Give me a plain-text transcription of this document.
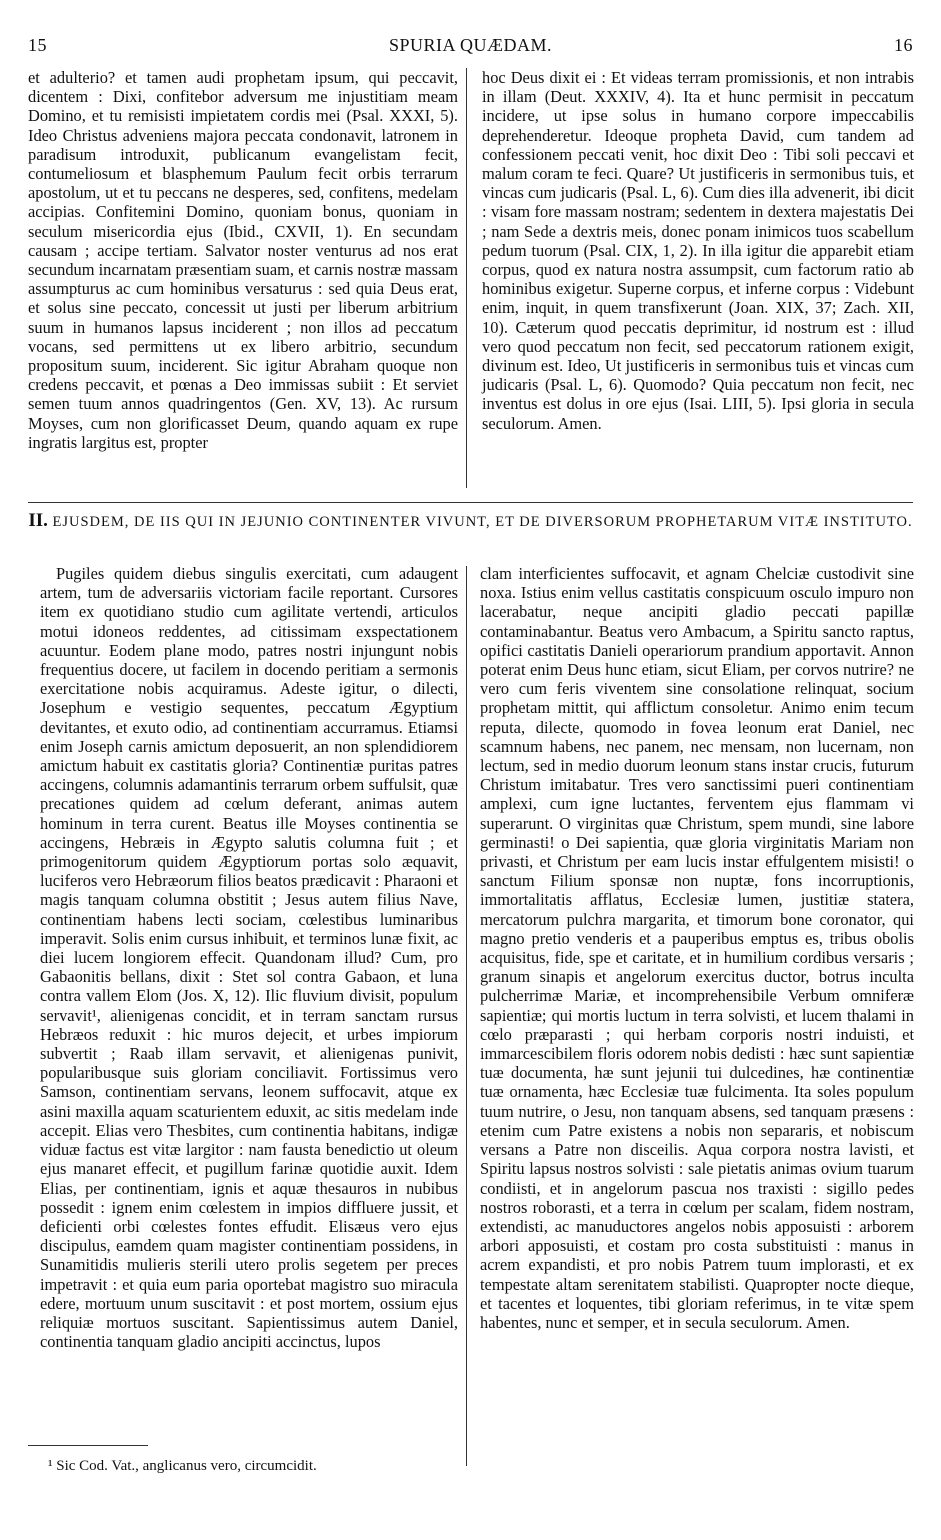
15	SPURIA QUÆDAM.	16

et adulterio? et tamen audi prophetam ipsum, qui peccavit, dicentem : Dixi, confitebor adversum me injustitiam meam Domino, et tu remisisti impietatem cordis mei (Psal. XXXI, 5). Ideo Christus adveniens majora peccata condonavit, latronem in paradisum introduxit, publicanum evangelistam fecit, contumeliosum et blasphemum Paulum fecit orbis terrarum apostolum, ut et tu peccans ne desperes, sed, confitens, medelam accipias. Confitemini Domino, quoniam bonus, quoniam in seculum misericordia ejus (Ibid., CXVII, 1). En secundam causam ; accipe tertiam. Salvator noster venturus ad nos erat secundum incarnatam præsentiam suam, et carnis nostræ massam assumpturus ac cum hominibus versaturus : sed quia Deus erat, et solus sine peccato, concessit ut justi per liberum arbitrium suum in humanos lapsus inciderent ; non illos ad peccatum vocans, sed permittens ut ex libero arbitrio, secundum propositum suum, inciderent. Sic igitur Abraham quoque non credens peccavit, et pœnas a Deo immissas subiit : Et serviet semen tuum annos quadringentos (Gen. XV, 13). Ac rursum Moyses, cum non glorificasset Deum, quando aquam ex rupe ingratis largitus est, propter

hoc Deus dixit ei : Et videas terram promissionis, et non intrabis in illam (Deut. XXXIV, 4). Ita et hunc permisit in peccatum incidere, ut ipse solus in humano corpore impeccabilis deprehenderetur. Ideoque propheta David, cum tandem ad confessionem peccati venit, hoc dixit Deo : Tibi soli peccavi et malum coram te feci. Quare? Ut justificeris in sermonibus tuis, et vincas cum judicaris (Psal. L, 6). Cum dies illa advenerit, ibi dicit : visam fore massam nostram; sedentem in dextera majestatis Dei ; nam Sede a dextris meis, donec ponam inimicos tuos scabellum pedum tuorum (Psal. CIX, 1, 2). In illa igitur die apparebit etiam corpus, quod ex natura nostra assumpsit, cum factorum ratio ab hominibus exigetur. Superne corpus, et inferne corpus : Videbunt enim, inquit, in quem transfixerunt (Joan. XIX, 37; Zach. XII, 10). Cæterum quod peccatis deprimitur, id nostrum est : illud vero quod peccatum non fecit, sed peccatorum rationem exigit, divinum est. Ideo, Ut justificeris in sermonibus tuis et vincas cum judicaris (Psal. L, 6). Quomodo? Quia peccatum non fecit, nec inventus est dolus in ore ejus (Isai. LIII, 5). Ipsi gloria in secula seculorum. Amen.

II. EJUSDEM, DE IIS QUI IN JEJUNIO CONTINENTER VIVUNT, ET DE DIVERSORUM PROPHETARUM VITÆ INSTITUTO.

Pugiles quidem diebus singulis exercitati, cum adaugent artem, tum de adversariis victoriam facile reportant. Cursores item ex quotidiano studio cum agilitate vertendi, articulos motui idoneos reddentes, ad citissimam exspectationem acuuntur. Eodem plane modo, patres nostri injungunt nobis frequentius docere, ut facilem in docendo peritiam a sermonis exercitatione nobis acquiramus. Adeste igitur, o dilecti, Josephum e vestigio sequentes, peccatum Ægyptium devitantes, et exuto odio, ad continentiam accurramus. Etiamsi enim Joseph carnis amictum deposuerit, an non splendidiorem amictum habuit ex castitatis gloria? Continentiæ puritas patres accingens, columnis adamantinis terrarum orbem suffulsit, quæ precationes quidem ad cœlum deferant, animas autem hominum in terra curent. Beatus ille Moyses continentia se accingens, Hebræis in Ægypto salutis columna fuit ; et primogenitorum quidem Ægyptiorum portas solo æquavit, luciferos vero Hebræorum filios beatos prædicavit : Pharaoni et magis tanquam columna obstitit ; Jesus autem filius Nave, continentiam habens lecti sociam, cœlestibus luminaribus imperavit. Solis enim cursus inhibuit, et terminos lunæ fixit, ac diei lucem longiorem effecit. Quandonam illud? Cum, pro Gabaonitis bellans, dixit : Stet sol contra Gabaon, et luna contra vallem Elom (Jos. X, 12). Ilic fluvium divisit, populum servavit¹, alienigenas concidit, et in terram sanctam rursus Hebræos reduxit : hic muros dejecit, et urbes impiorum subvertit ; Raab illam servavit, et alienigenas punivit, popularibusque suis gloriam conciliavit. Fortissimus vero Samson, continentiam servans, leonem suffocavit, atque ex asini maxilla aquam scaturientem eduxit, ac sitis medelam inde accepit. Elias vero Thesbites, cum continentia habitans, indigæ viduæ factus est vitæ largitor : nam fausta benedictio ut oleum ejus manaret effecit, et pugillum farinæ quotidie auxit. Idem Elias, per continentiam, ignis et aquæ thesauros in nubibus possedit : ignem enim cœlestem in impios diffluere jussit, et deficienti orbi cœlestes fontes effudit. Elisæus vero ejus discipulus, eamdem quam magister continentiam possidens, in Sunamitidis mulieris sterili utero prolis segetem per preces impetravit : et quia eum paria oportebat magistro suo miracula edere, mortuum unum suscitavit : et post mortem, ossium ejus reliquiæ mortuos suscitant. Sapientissimus autem Daniel, continentia tanquam gladio ancipiti accinctus, lupos

clam interficientes suffocavit, et agnam Chelciæ custodivit sine noxa. Istius enim vellus castitatis conspicuum osculo impuro non lacerabatur, neque ancipiti gladio peccati papillæ contaminabantur. Beatus vero Ambacum, a Spiritu sancto raptus, opifici castitatis Danieli operariorum prandium apportavit. Annon poterat enim Deus hunc etiam, sicut Eliam, per corvos nutrire? ne vero cum feris viventem sine consolatione relinquat, socium prophetam mittit, qui afflictum consoletur. Animo enim tecum reputa, dilecte, quomodo in fovea leonum erat Daniel, nec scamnum habens, nec panem, nec mensam, non lucernam, non lectum, sed in medio duorum leonum stans instar crucis, futurum Christum imitabatur. Tres vero sanctissimi pueri continentiam amplexi, cum igne luctantes, ferventem ejus flammam vi superarunt. O virginitas quæ Christum, spem mundi, sine labore germinasti! o Dei sapientia, quæ gloria virginitatis Mariam non privasti, et Christum per eam lucis instar effulgentem misisti! o sanctum Filium sponsæ non nuptæ, fons incorruptionis, immortalitatis afflatus, Ecclesiæ lumen, justitiæ statera, mercatorum pulchra margarita, et timorum bone coronator, qui magno pretio venderis et a pauperibus emptus es, tribus obolis acquisitus, fide, spe et caritate, et in humilium cordibus versaris ; granum sinapis et angelorum exercitus ductor, botrus inculta pulcherrimæ Mariæ, et incomprehensibile Verbum omniferæ sapientiæ; qui mortis luctum in terra solvisti, et lucem thalami in cœlo præparasti ; qui herbam corporis nostri induisti, et immarcescibilem floris odorem nobis dedisti : hæc sunt sapientiæ tuæ documenta, hæ sunt jejunii tui dulcedines, hæ continentiæ tuæ ornamenta, hæc Ecclesiæ tuæ fulcimenta. Ita soles populum tuum nutrire, o Jesu, non tanquam absens, sed tanquam præsens : etenim cum Patre existens a nobis non separaris, et nobiscum versans a Patre non disceilis. Aqua corpora nostra lavisti, et Spiritu lapsus nostros solvisti : sale pietatis animas ovium tuarum condiisti, et in angelorum pascua nos traxisti : sigillo pedes nostros roborasti, et a terra in cœlum per scalam, fidem nostram, extendisti, ac manuductores angelos nobis apposuisti : arborem arbori apposuisti, et costam pro costa substituisti : manus in acrem expandisti, et pro nobis Patrem tuum implorasti, et ex tempestate altam serenitatem stabilisti. Quapropter nocte dieque, et tacentes et loquentes, tibi gloriam referimus, in te vitæ spem habentes, nunc et semper, et in secula seculorum. Amen.

¹ Sic Cod. Vat., anglicanus vero, circumcidit.
